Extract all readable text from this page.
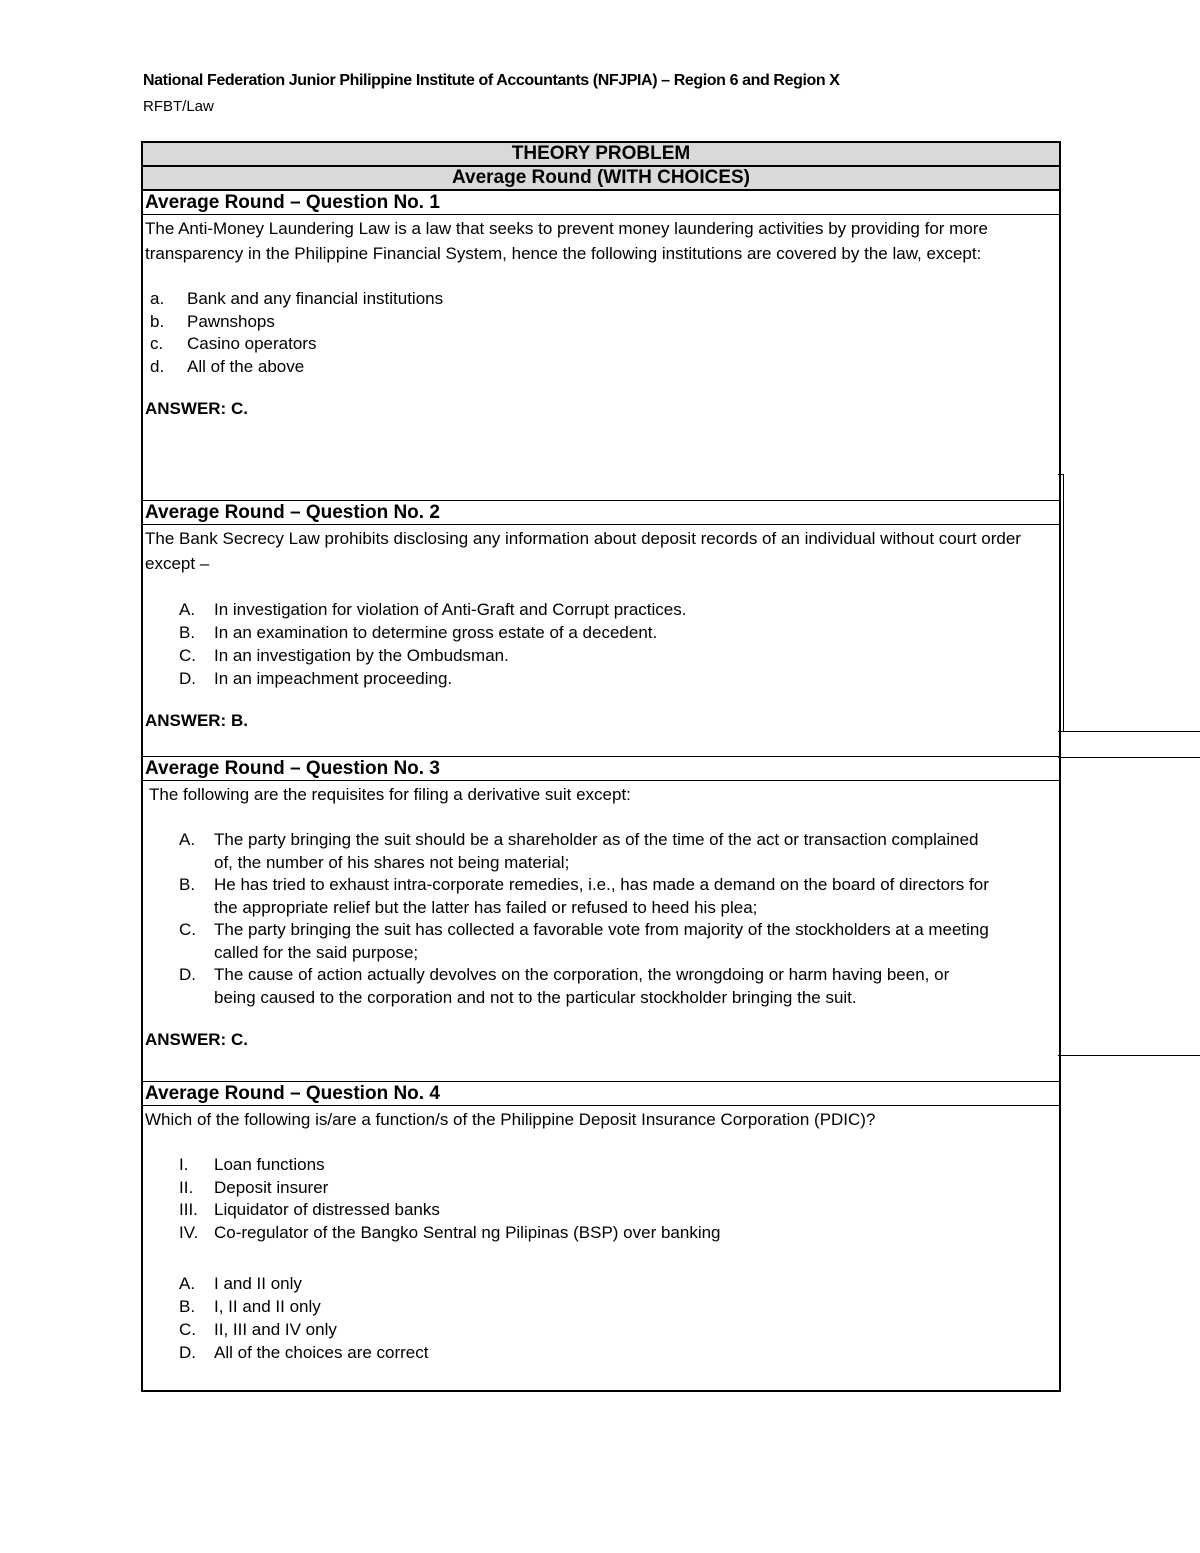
National Federation Junior Philippine Institute of Accountants (NFJPIA) – Region 6 and Region X
RFBT/Law
THEORY PROBLEM
Average Round (WITH CHOICES)
Average Round – Question No. 1

The Anti-Money Laundering Law is a law that seeks to prevent money laundering activities by providing for more transparency in the Philippine Financial System, hence the following institutions are covered by the law, except:

a. Bank and any financial institutions
b. Pawnshops
c. Casino operators
d. All of the above
ANSWER: C.
Average Round – Question No. 2

The Bank Secrecy Law prohibits disclosing any information about deposit records of an individual without court order except –

A. In investigation for violation of Anti-Graft and Corrupt practices.
B. In an examination to determine gross estate of a decedent.
C. In an investigation by the Ombudsman.
D. In an impeachment proceeding.
ANSWER: B.
Average Round – Question No. 3

The following are the requisites for filing a derivative suit except:

A. The party bringing the suit should be a shareholder as of the time of the act or transaction complained of, the number of his shares not being material;
B. He has tried to exhaust intra-corporate remedies, i.e., has made a demand on the board of directors for the appropriate relief but the latter has failed or refused to heed his plea;
C. The party bringing the suit has collected a favorable vote from majority of the stockholders at a meeting called for the said purpose;
D. The cause of action actually devolves on the corporation, the wrongdoing or harm having been, or being caused to the corporation and not to the particular stockholder bringing the suit.
ANSWER: C.
Average Round – Question No. 4

Which of the following is/are a function/s of the Philippine Deposit Insurance Corporation (PDIC)?

I. Loan functions
II. Deposit insurer
III. Liquidator of distressed banks
IV. Co-regulator of the Bangko Sentral ng Pilipinas (BSP) over banking
A. I and II only
B. I, II and II only
C. II, III and IV only
D. All of the choices are correct
